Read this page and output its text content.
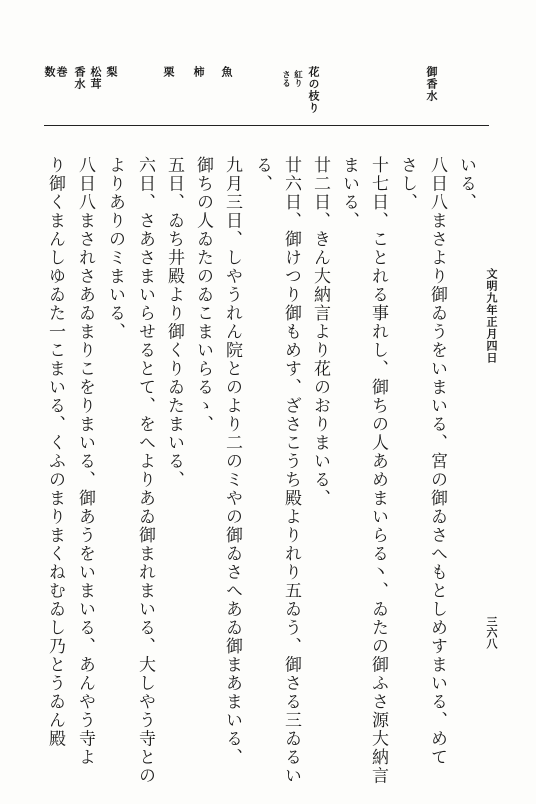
御香水
花の枝り
紅り
さる
魚
柿
栗
梨
松茸
香水
巻
数
文明九年正月四日
三六八
いる、
八日八まさより御ゐうをいまいる、宮の御ゐさへもとしめすまいる、めて
さし、
十七日、ことれる事れし、御ちの人あめまいらる丶、ゐたの御ふさ源大納言
まいる、
廿二日、きん大納言より花のおりまいる、
廿六日、御けつり御もめす、ざさこうち殿よりれり五ゐう、御さる三ゐるい
る、
九月三日、しやうれん院とのより二のミやの御ゐさへあゐ御まあまいる、
御ちの人ゐたのゐこまいらるゝ、
五日、ゐち井殿より御くりゐたまいる、
六日、さあさまいらせるとて、をへよりあゐ御まれまいる、大しやう寺との
よりありのミまいる、
八日八まされさあゐまりこをりまいる、御あうをいまいる、あんやう寺よ
り御くまんしゆゐた一こまいる、くふのまりまくねむゐし乃とうゐん殿
